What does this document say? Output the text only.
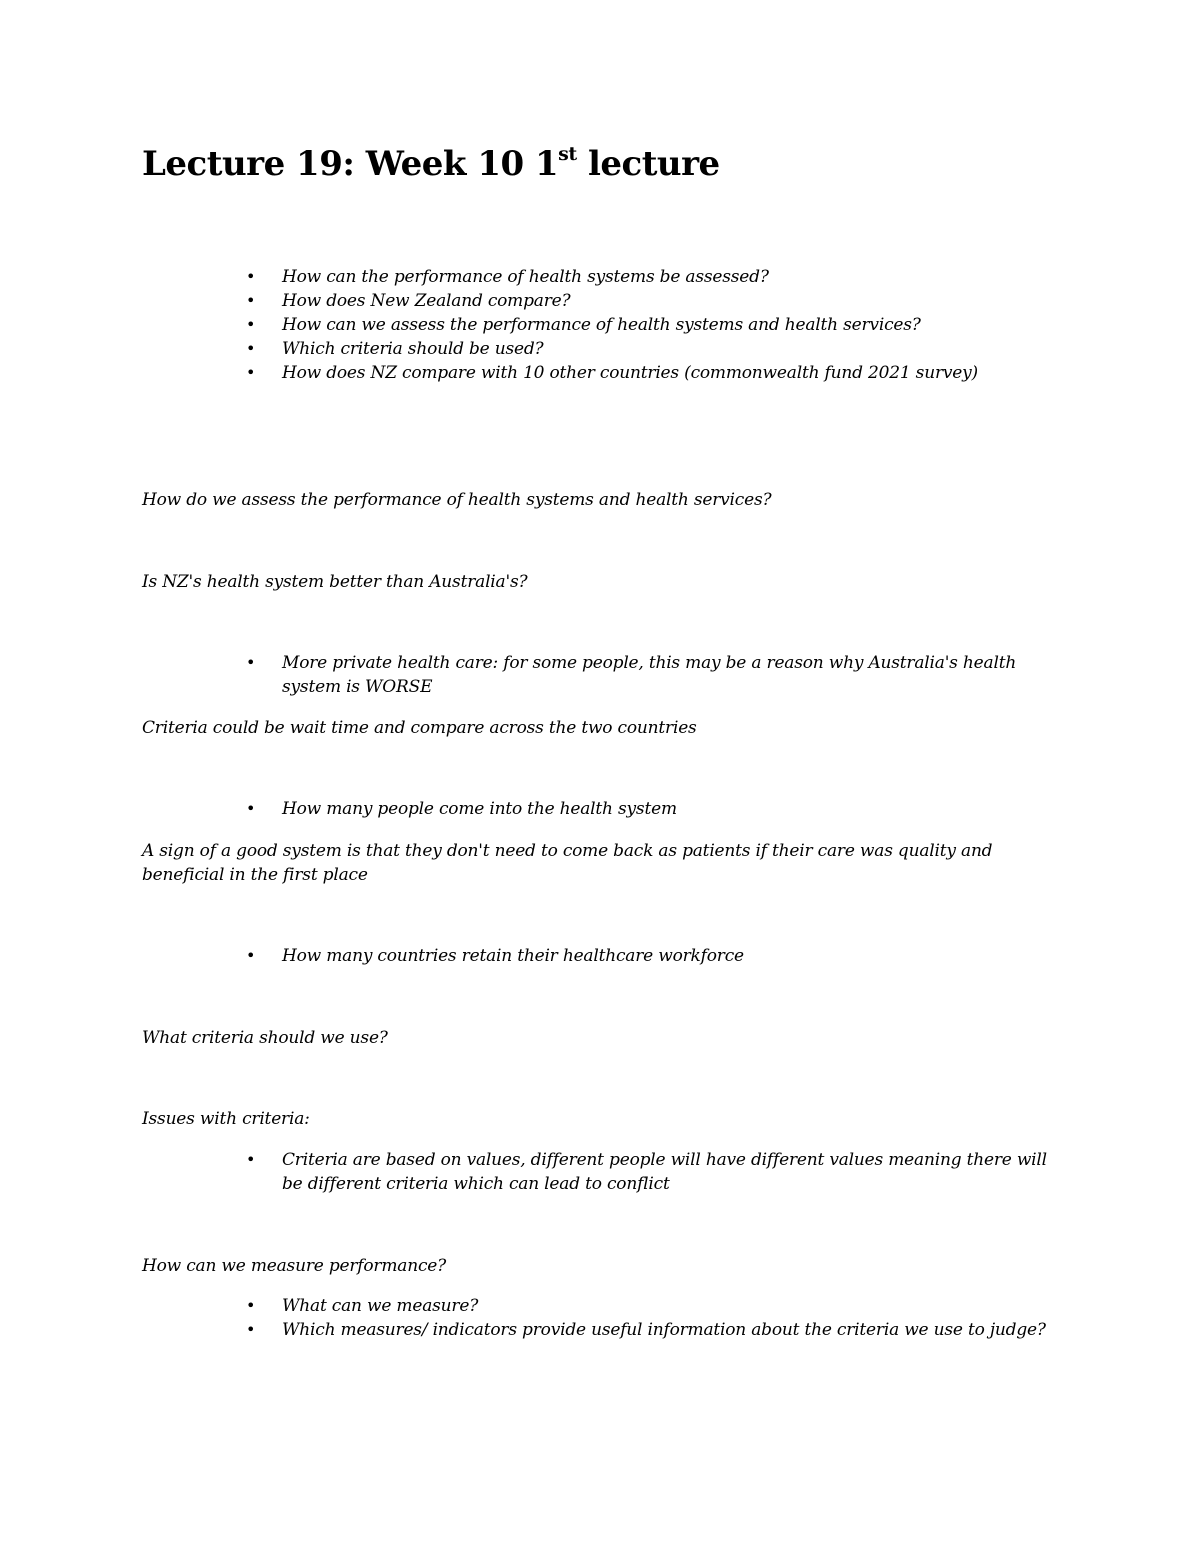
Lecture 19: Week 10 1st lecture
• How can the performance of health systems be assessed?
• How does New Zealand compare?
• How can we assess the performance of health systems and health services?
• Which criteria should be used?
• How does NZ compare with 10 other countries (commonwealth fund 2021 survey)

How do we assess the performance of health systems and health services?

Is NZ's health system better than Australia's?

• More private health care: for some people, this may be a reason why Australia's health system is WORSE

Criteria could be wait time and compare across the two countries

• How many people come into the health system

A sign of a good system is that they don't need to come back as patients if their care was quality and beneficial in the first place

• How many countries retain their healthcare workforce

What criteria should we use?

Issues with criteria:

• Criteria are based on values, different people will have different values meaning there will be different criteria which can lead to conflict

How can we measure performance?

• What can we measure?
• Which measures/ indicators provide useful information about the criteria we use to judge?
